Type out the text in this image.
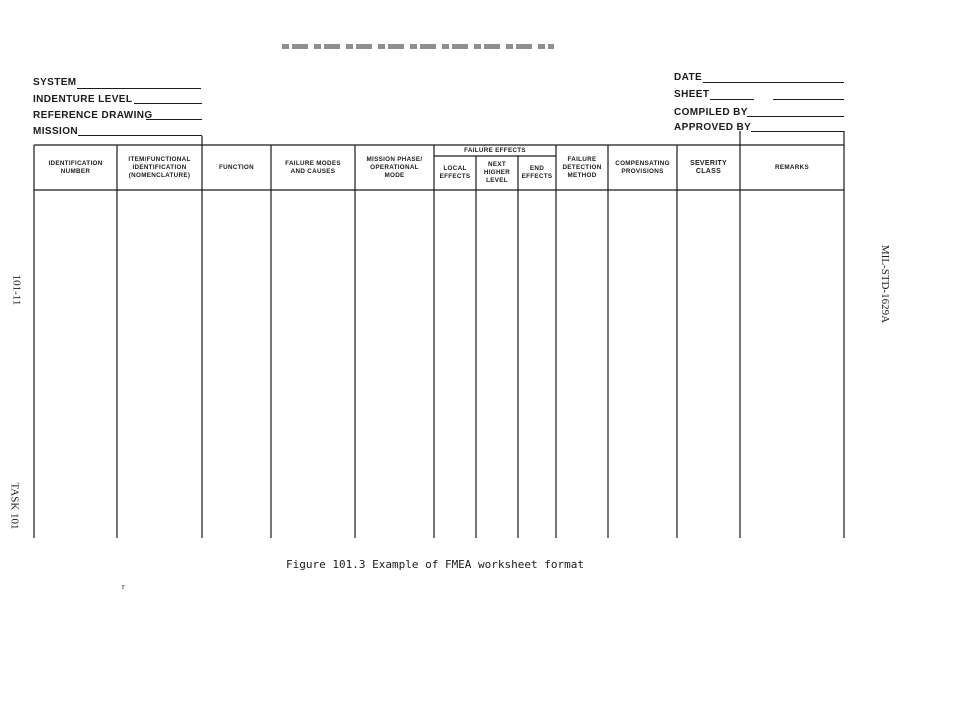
SYSTEM
INDENTURE LEVEL
REFERENCE DRAWING
MISSION
DATE
SHEET
COMPILED BY
APPROVED BY
IDENTIFICATION
NUMBER
ITEM/FUNCTIONAL
IDENTIFICATION
(NOMENCLATURE)
FUNCTION
FAILURE MODES
AND CAUSES
MISSION PHASE/
OPERATIONAL
MODE
FAILURE EFFECTS
LOCAL
EFFECTS
NEXT
HIGHER
LEVEL
END
EFFECTS
FAILURE
DETECTION
METHOD
COMPENSATING
PROVISIONS
SEVERITY
CLASS
REMARKS
101-11
TASK 101
MIL-STD-1629A
Figure 101.3 Example of FMEA worksheet format
r
